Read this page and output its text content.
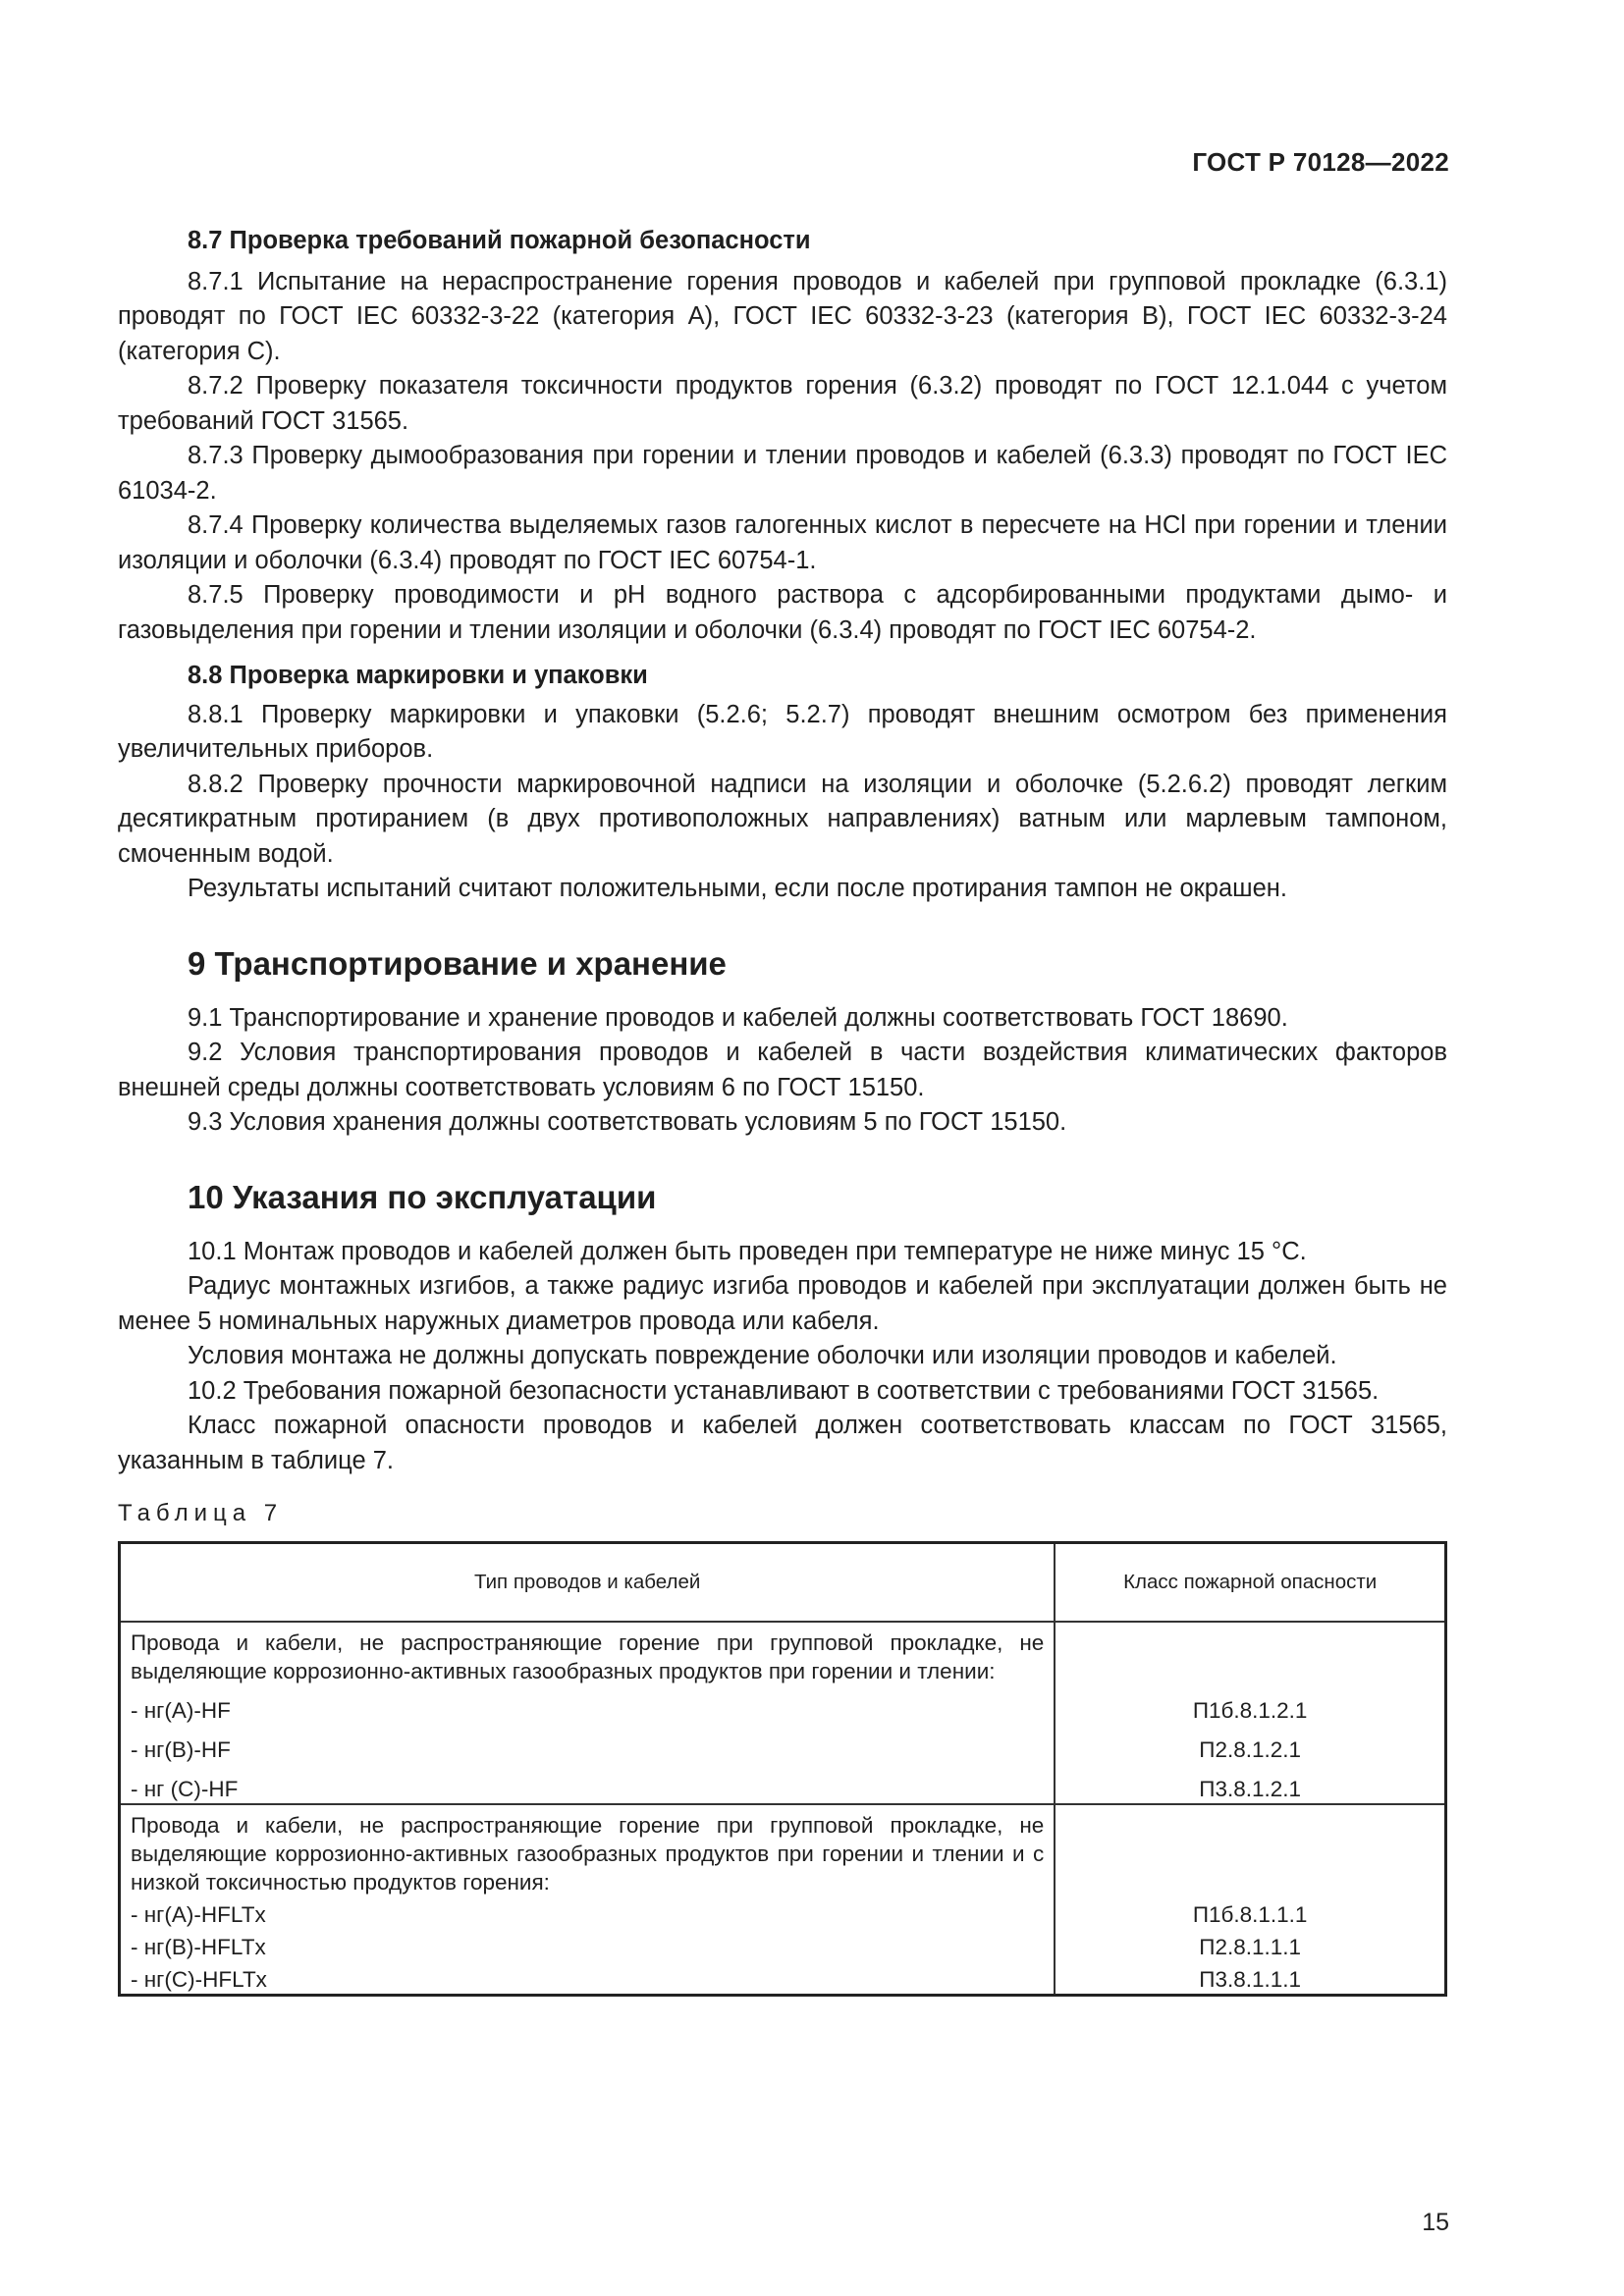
ГОСТ Р 70128—2022

8.7 Проверка требований пожарной безопасности

8.7.1 Испытание на нераспространение горения проводов и кабелей при групповой прокладке (6.3.1) проводят по ГОСТ IEC 60332-3-22 (категория А), ГОСТ IEC 60332-3-23 (категория В), ГОСТ IEC 60332-3-24 (категория С).

8.7.2 Проверку показателя токсичности продуктов горения (6.3.2) проводят по ГОСТ 12.1.044 с учетом требований ГОСТ 31565.

8.7.3 Проверку дымообразования при горении и тлении проводов и кабелей (6.3.3) проводят по ГОСТ IEC 61034-2.

8.7.4 Проверку количества выделяемых газов галогенных кислот в пересчете на HCl при горении и тлении изоляции и оболочки (6.3.4) проводят по ГОСТ IEC 60754-1.

8.7.5 Проверку проводимости и pH водного раствора с адсорбированными продуктами дымо- и газовыделения при горении и тлении изоляции и оболочки (6.3.4) проводят по ГОСТ IEC 60754-2.

8.8 Проверка маркировки и упаковки

8.8.1 Проверку маркировки и упаковки (5.2.6; 5.2.7) проводят внешним осмотром без применения увеличительных приборов.

8.8.2 Проверку прочности маркировочной надписи на изоляции и оболочке (5.2.6.2) проводят легким десятикратным протиранием (в двух противоположных направлениях) ватным или марлевым тампоном, смоченным водой.

Результаты испытаний считают положительными, если после протирания тампон не окрашен.

9 Транспортирование и хранение

9.1 Транспортирование и хранение проводов и кабелей должны соответствовать ГОСТ 18690.

9.2 Условия транспортирования проводов и кабелей в части воздействия климатических факторов внешней среды должны соответствовать условиям 6 по ГОСТ 15150.

9.3 Условия хранения должны соответствовать условиям 5 по ГОСТ 15150.

10 Указания по эксплуатации

10.1 Монтаж проводов и кабелей должен быть проведен при температуре не ниже минус 15 °С.

Радиус монтажных изгибов, а также радиус изгиба проводов и кабелей при эксплуатации должен быть не менее 5 номинальных наружных диаметров провода или кабеля.

Условия монтажа не должны допускать повреждение оболочки или изоляции проводов и кабелей.

10.2 Требования пожарной безопасности устанавливают в соответствии с требованиями ГОСТ 31565.

Класс пожарной опасности проводов и кабелей должен соответствовать классам по ГОСТ 31565, указанным в таблице 7.

Таблица 7

Тип проводов и кабелей	Класс пожарной опасности
Провода и кабели, не распространяющие горение при групповой прокладке, не выделяющие коррозионно-активных газообразных продуктов при горении и тлении:	
- нг(А)-HF	П1б.8.1.2.1
- нг(В)-HF	П2.8.1.2.1
- нг (С)-HF	П3.8.1.2.1
Провода и кабели, не распространяющие горение при групповой прокладке, не выделяющие коррозионно-активных газообразных продуктов при горении и тлении и с низкой токсичностью продуктов горения:	
- нг(А)-HFLTx	П1б.8.1.1.1
- нг(В)-HFLTx	П2.8.1.1.1
- нг(С)-HFLTx	П3.8.1.1.1
15
